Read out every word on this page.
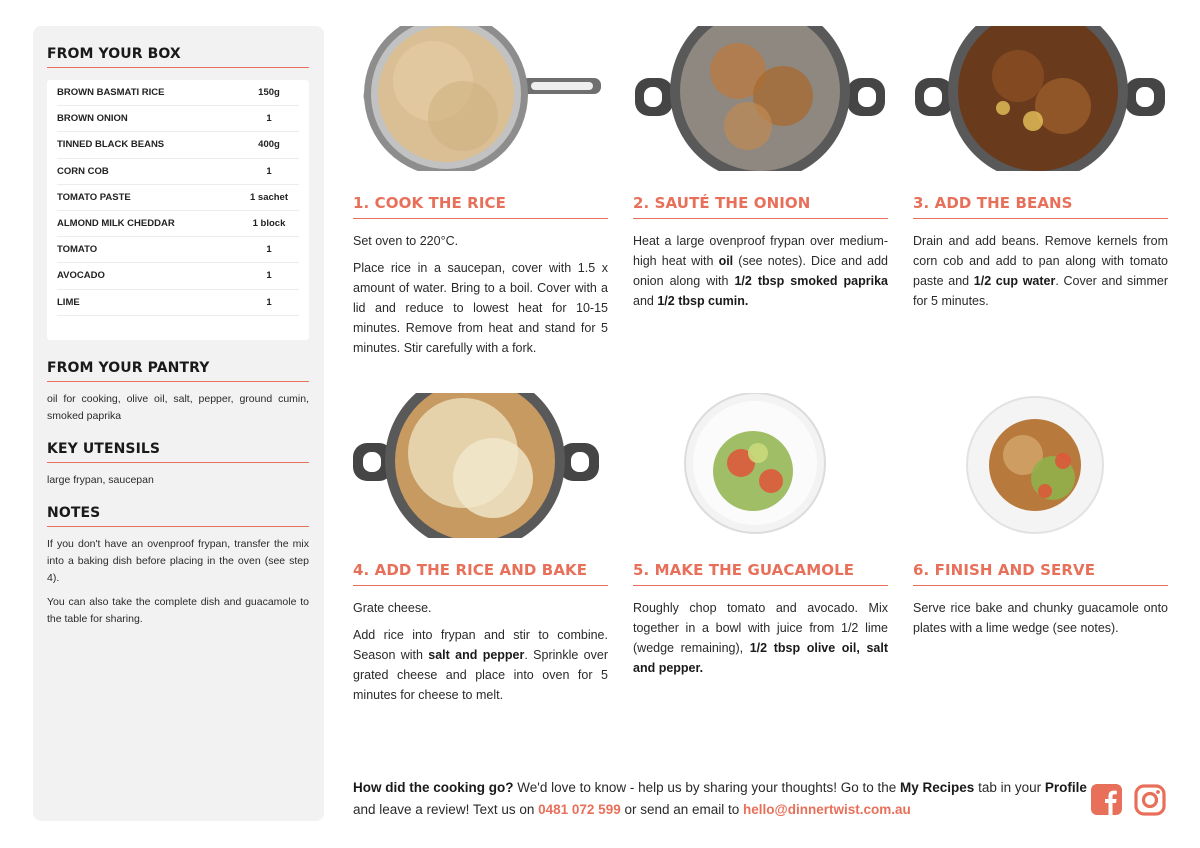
FROM YOUR BOX
BROWN BASMATI RICE	150g
BROWN ONION	1
TINNED BLACK BEANS	400g
CORN COB	1
TOMATO PASTE	1 sachet
ALMOND MILK CHEDDAR	1 block
TOMATO	1
AVOCADO	1
LIME	1
FROM YOUR PANTRY

oil for cooking, olive oil, salt, pepper, ground cumin, smoked paprika

KEY UTENSILS

large frypan, saucepan

NOTES

If you don't have an ovenproof frypan, transfer the mix into a baking dish before placing in the oven (see step 4).

You can also take the complete dish and guacamole to the table for sharing.

1. COOK THE RICE

Set oven to 220°C.

Place rice in a saucepan, cover with 1.5 x amount of water. Bring to a boil. Cover with a lid and reduce to lowest heat for 10-15 minutes. Remove from heat and stand for 5 minutes. Stir carefully with a fork.

2. SAUTÉ THE ONION

Heat a large ovenproof frypan over medium-high heat with oil (see notes). Dice and add onion along with 1/2 tbsp smoked paprika and 1/2 tbsp cumin.

3. ADD THE BEANS

Drain and add beans. Remove kernels from corn cob and add to pan along with tomato paste and 1/2 cup water. Cover and simmer for 5 minutes.

4. ADD THE RICE AND BAKE

Grate cheese.

Add rice into frypan and stir to combine. Season with salt and pepper. Sprinkle over grated cheese and place into oven for 5 minutes for cheese to melt.

5. MAKE THE GUACAMOLE

Roughly chop tomato and avocado. Mix together in a bowl with juice from 1/2 lime (wedge remaining), 1/2 tbsp olive oil, salt and pepper.

6. FINISH AND SERVE

Serve rice bake and chunky guacamole onto plates with a lime wedge (see notes).

How did the cooking go? We'd love to know - help us by sharing your thoughts! Go to the My Recipes tab in your Profile and leave a review! Text us on 0481 072 599 or send an email to hello@dinnertwist.com.au
